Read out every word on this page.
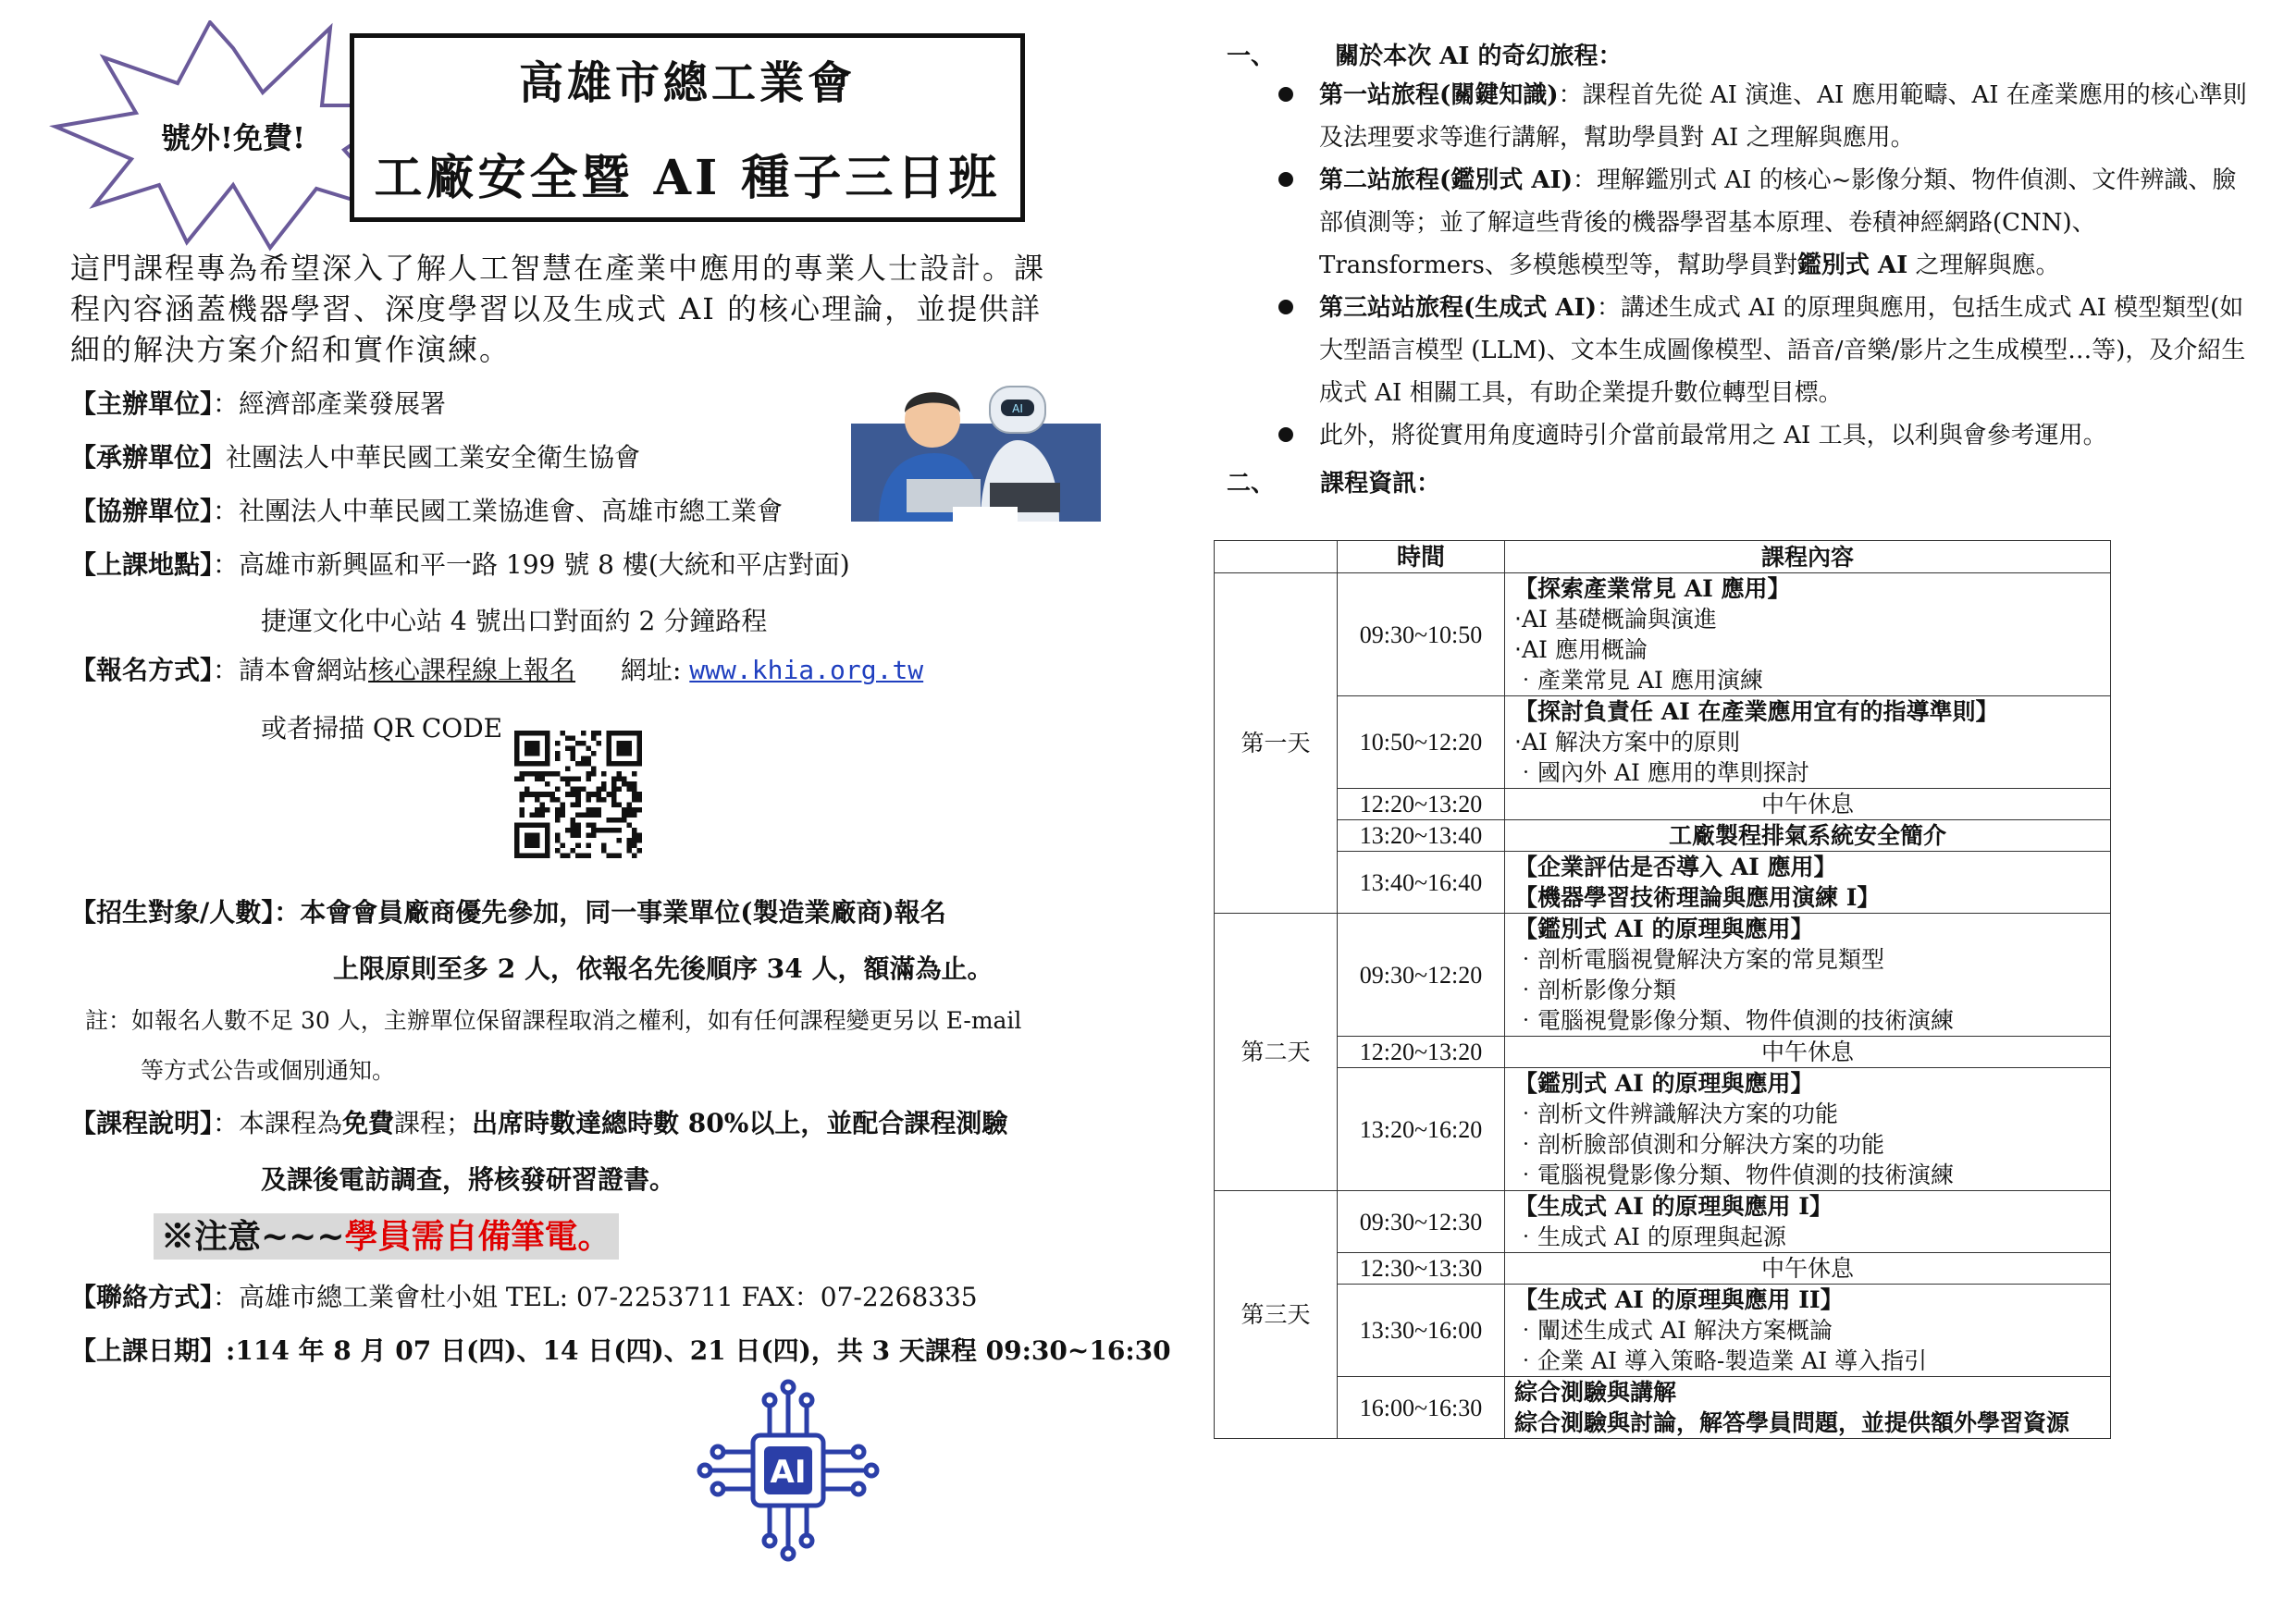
號外!免費!
高雄市總工業會
工廠安全暨 AI 種子三日班
這門課程專為希望深入了解人工智慧在產業中應用的專業人士設計。課程內容涵蓋機器學習、深度學習以及生成式 AI 的核心理論，並提供詳細的解決方案介紹和實作演練。
【主辦單位】：經濟部產業發展署
【承辦單位】社團法人中華民國工業安全衛生協會
【協辦單位】：社團法人中華民國工業協進會、高雄市總工業會
【上課地點】：高雄市新興區和平一路 199 號 8 樓(大統和平店對面)
捷運文化中心站 4 號出口對面約 2 分鐘路程
【報名方式】：請本會網站核心課程線上報名 網址: www.khia.org.tw
或者掃描 QR CODE
AI
【招生對象/人數】：本會會員廠商優先參加，同一事業單位(製造業廠商)報名
上限原則至多 2 人，依報名先後順序 34 人，額滿為止。
註：如報名人數不足 30 人，主辦單位保留課程取消之權利，如有任何課程變更另以 E-mail
等方式公告或個別通知。
【課程說明】：本課程為免費課程；出席時數達總時數 80%以上，並配合課程測驗
及課後電訪調查，將核發研習證書。
※注意~~~學員需自備筆電。
【聯絡方式】：高雄市總工業會杜小姐 TEL: 07-2253711 FAX：07-2268335
【上課日期】:114 年 8 月 07 日(四)、14 日(四)、21 日(四)，共 3 天課程 09:30~16:30
AI
一、	關於本次 AI 的奇幻旅程：
第一站旅程(關鍵知識)：課程首先從 AI 演進、AI 應用範疇、AI 在產業應用的核心準則及法理要求等進行講解，幫助學員對 AI 之理解與應用。
第二站旅程(鑑別式 AI)：理解鑑別式 AI 的核心~影像分類、物件偵測、文件辨識、臉部偵測等；並了解這些背後的機器學習基本原理、卷積神經網路(CNN)、Transformers、多模態模型等，幫助學員對鑑別式 AI 之理解與應。
第三站站旅程(生成式 AI)：講述生成式 AI 的原理與應用，包括生成式 AI 模型類型(如大型語言模型 (LLM)、文本生成圖像模型、語音/音樂/影片之生成模型…等)，及介紹生成式 AI 相關工具，有助企業提升數位轉型目標。
此外，將從實用角度適時引介當前最常用之 AI 工具，以利與會參考運用。
二、 課程資訊：
	時間	課程內容
第一天	09:30~10:50	【探索產業常見 AI 應用】
‧AI 基礎概論與演進
‧AI 應用概論
‧產業常見 AI 應用演練

	10:50~12:20	【探討負責任 AI 在產業應用宜有的指導準則】
‧AI 解決方案中的原則
‧國內外 AI 應用的準則探討

	12:20~13:20	中午休息
	13:20~13:40	工廠製程排氣系統安全簡介
	13:40~16:40	【企業評估是否導入 AI 應用】
【機器學習技術理論與應用演練 I】

第二天	09:30~12:20	【鑑別式 AI 的原理與應用】
‧剖析電腦視覺解決方案的常見類型
‧剖析影像分類
‧電腦視覺影像分類、物件偵測的技術演練

	12:20~13:20	中午休息
	13:20~16:20	【鑑別式 AI 的原理與應用】
‧剖析文件辨識解決方案的功能
‧剖析臉部偵測和分解決方案的功能
‧電腦視覺影像分類、物件偵測的技術演練

第三天	09:30~12:30	【生成式 AI 的原理與應用 I】
‧生成式 AI 的原理與起源

	12:30~13:30	中午休息
	13:30~16:00	【生成式 AI 的原理與應用 II】
‧闡述生成式 AI 解決方案概論
‧企業 AI 導入策略-製造業 AI 導入指引

	16:00~16:30	綜合測驗與講解
綜合測驗與討論，解答學員問題，並提供額外學習資源
